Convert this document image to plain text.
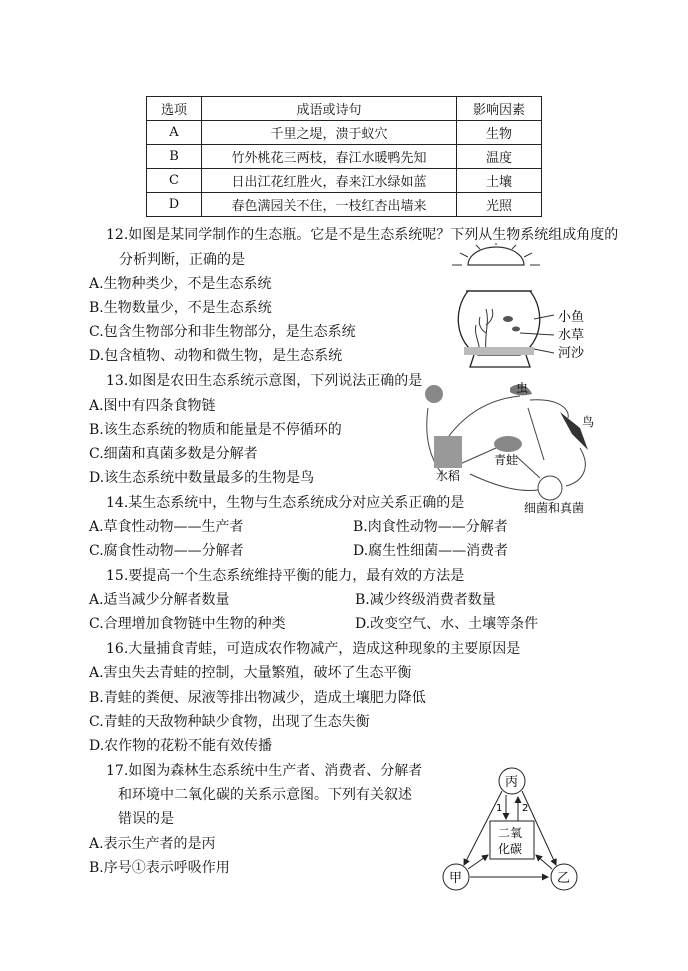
选项	成语或诗句	影响因素
A	千里之堤，溃于蚁穴	生物
B	竹外桃花三两枝，春江水暖鸭先知	温度
C	日出江花红胜火，春来江水绿如蓝	土壤
D	春色满园关不住，一枝红杏出墙来	光照
12.如图是某同学制作的生态瓶。它是不是生态系统呢？下列从生物系统组成角度的
分析判断，正确的是
A.生物种类少，不是生态系统
B.生物数量少，不是生态系统
C.包含生物部分和非生物部分，是生态系统
D.包含植物、动物和微生物，是生态系统
小鱼
水草
河沙
13.如图是农田生态系统示意图，下列说法正确的是
A.图中有四条食物链
B.该生态系统的物质和能量是不停循环的
C.细菌和真菌多数是分解者
D.该生态系统中数量最多的生物是鸟
虫
鸟
青蛙
水稻
细菌和真菌
14.某生态系统中，生物与生态系统成分对应关系正确的是
A.草食性动物——生产者	B.肉食性动物——分解者
C.腐食性动物——分解者	D.腐生性细菌——消费者
15.要提高一个生态系统维持平衡的能力，最有效的方法是
A.适当减少分解者数量	B.减少终级消费者数量
C.合理增加食物链中生物的种类	D.改变空气、水、土壤等条件
16.大量捕食青蛙，可造成农作物减产，造成这种现象的主要原因是
A.害虫失去青蛙的控制，大量繁殖，破坏了生态平衡
B.青蛙的粪便、尿液等排出物减少，造成土壤肥力降低
C.青蛙的天敌物种缺少食物，出现了生态失衡
D.农作物的花粉不能有效传播
17.如图为森林生态系统中生产者、消费者、分解者
和环境中二氧化碳的关系示意图。下列有关叙述
错误的是
A.表示生产者的是丙
B.序号①表示呼吸作用
丙
甲	乙
二氧
化碳
1 2
